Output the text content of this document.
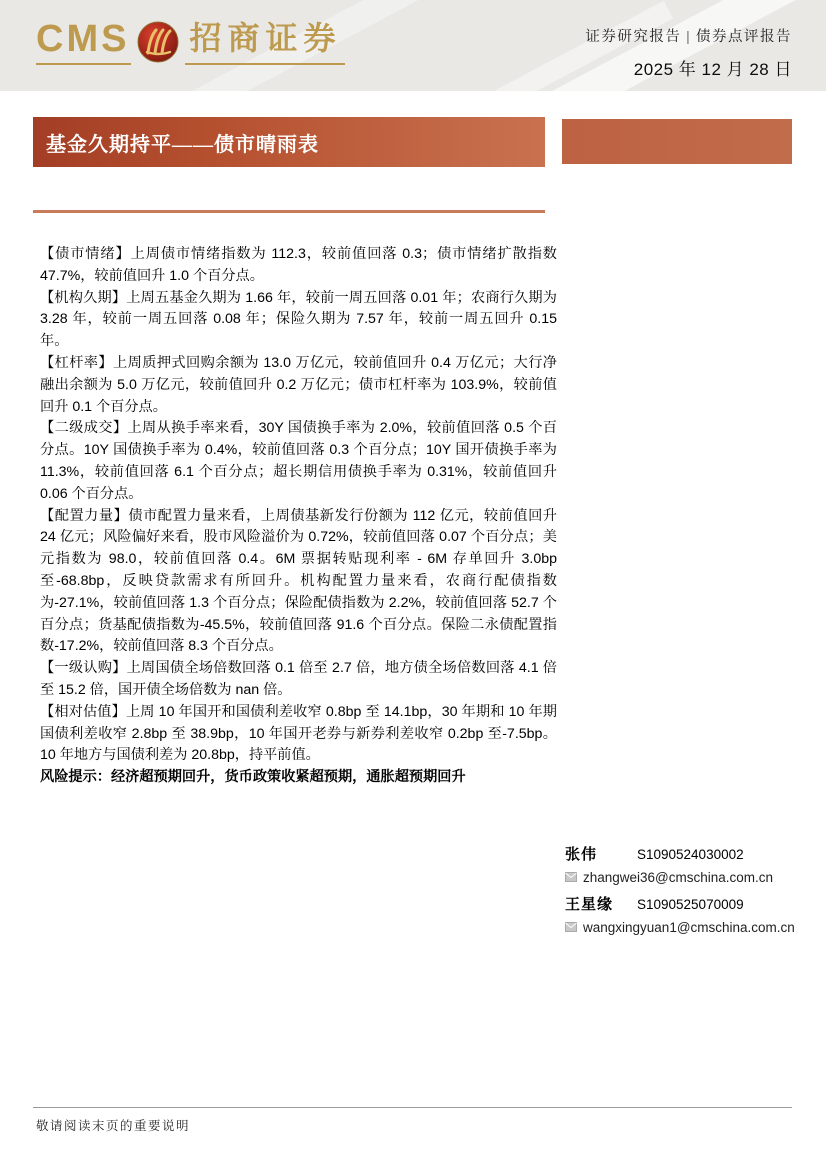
CMS 招商证券	证券研究报告 | 债券点评报告
2025 年 12 月 28 日
基金久期持平——债市晴雨表

【债市情绪】上周债市情绪指数为 112.3，较前值回落 0.3；债市情绪扩散指数 47.7%，较前值回升 1.0 个百分点。

【机构久期】上周五基金久期为 1.66 年，较前一周五回落 0.01 年；农商行久期为 3.28 年，较前一周五回落 0.08 年；保险久期为 7.57 年，较前一周五回升 0.15 年。

【杠杆率】上周质押式回购余额为 13.0 万亿元，较前值回升 0.4 万亿元；大行净融出余额为 5.0 万亿元，较前值回升 0.2 万亿元；债市杠杆率为 103.9%，较前值回升 0.1 个百分点。

【二级成交】上周从换手率来看，30Y 国债换手率为 2.0%，较前值回落 0.5 个百分点。10Y 国债换手率为 0.4%，较前值回落 0.3 个百分点；10Y 国开债换手率为 11.3%，较前值回落 6.1 个百分点；超长期信用债换手率为 0.31%，较前值回升 0.06 个百分点。

【配置力量】债市配置力量来看，上周债基新发行份额为 112 亿元，较前值回升 24 亿元；风险偏好来看，股市风险溢价为 0.72%，较前值回落 0.07 个百分点；美元指数为 98.0，较前值回落 0.4。6M 票据转贴现利率 - 6M 存单回升 3.0bp 至-68.8bp，反映贷款需求有所回升。机构配置力量来看，农商行配债指数为-27.1%，较前值回落 1.3 个百分点；保险配债指数为 2.2%，较前值回落 52.7 个百分点；货基配债指数为-45.5%，较前值回落 91.6 个百分点。保险二永债配置指数-17.2%，较前值回落 8.3 个百分点。

【一级认购】上周国债全场倍数回落 0.1 倍至 2.7 倍，地方债全场倍数回落 4.1 倍至 15.2 倍，国开债全场倍数为 nan 倍。

【相对估值】上周 10 年国开和国债利差收窄 0.8bp 至 14.1bp，30 年期和 10 年期国债利差收窄 2.8bp 至 38.9bp，10 年国开老券与新券利差收窄 0.2bp 至-7.5bp。10 年地方与国债利差为 20.8bp，持平前值。

风险提示：经济超预期回升，货币政策收紧超预期，通胀超预期回升

张伟	S1090524030002
zhangwei36@cmschina.com.cn
王星缘	S1090525070009
wangxingyuan1@cmschina.com.cn
敬请阅读末页的重要说明
